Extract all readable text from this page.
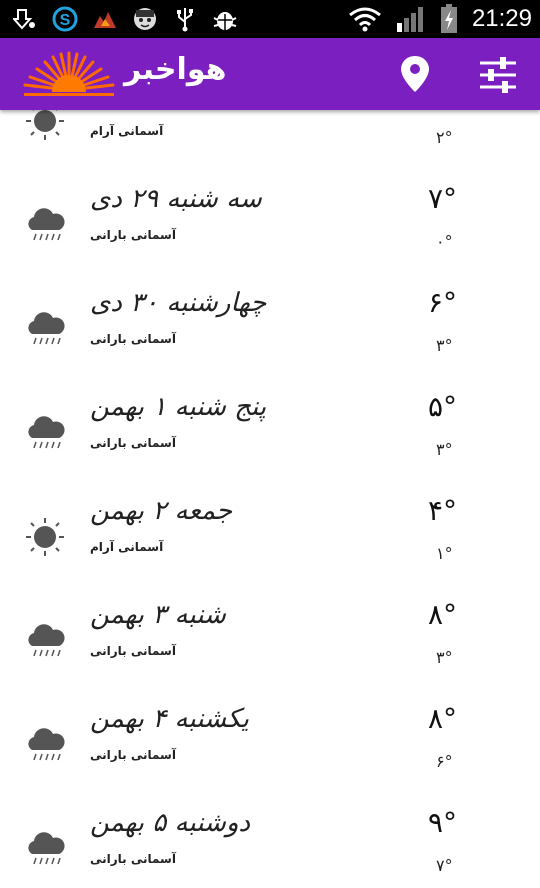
S	21:29
هواخبر
آسمانی آرام	۲°
سه شنبه ۲۹ دی
آسمانی بارانی
۷°
۰°
چهارشنبه ۳۰ دی
آسمانی بارانی
۶°
۳°
پنج شنبه ۱ بهمن
آسمانی بارانی
۵°
۳°
جمعه ۲ بهمن
آسمانی آرام
۴°
۱°
شنبه ۳ بهمن
آسمانی بارانی
۸°
۳°
یکشنبه ۴ بهمن
آسمانی بارانی
۸°
۶°
دوشنبه ۵ بهمن
آسمانی بارانی
۹°
۷°
